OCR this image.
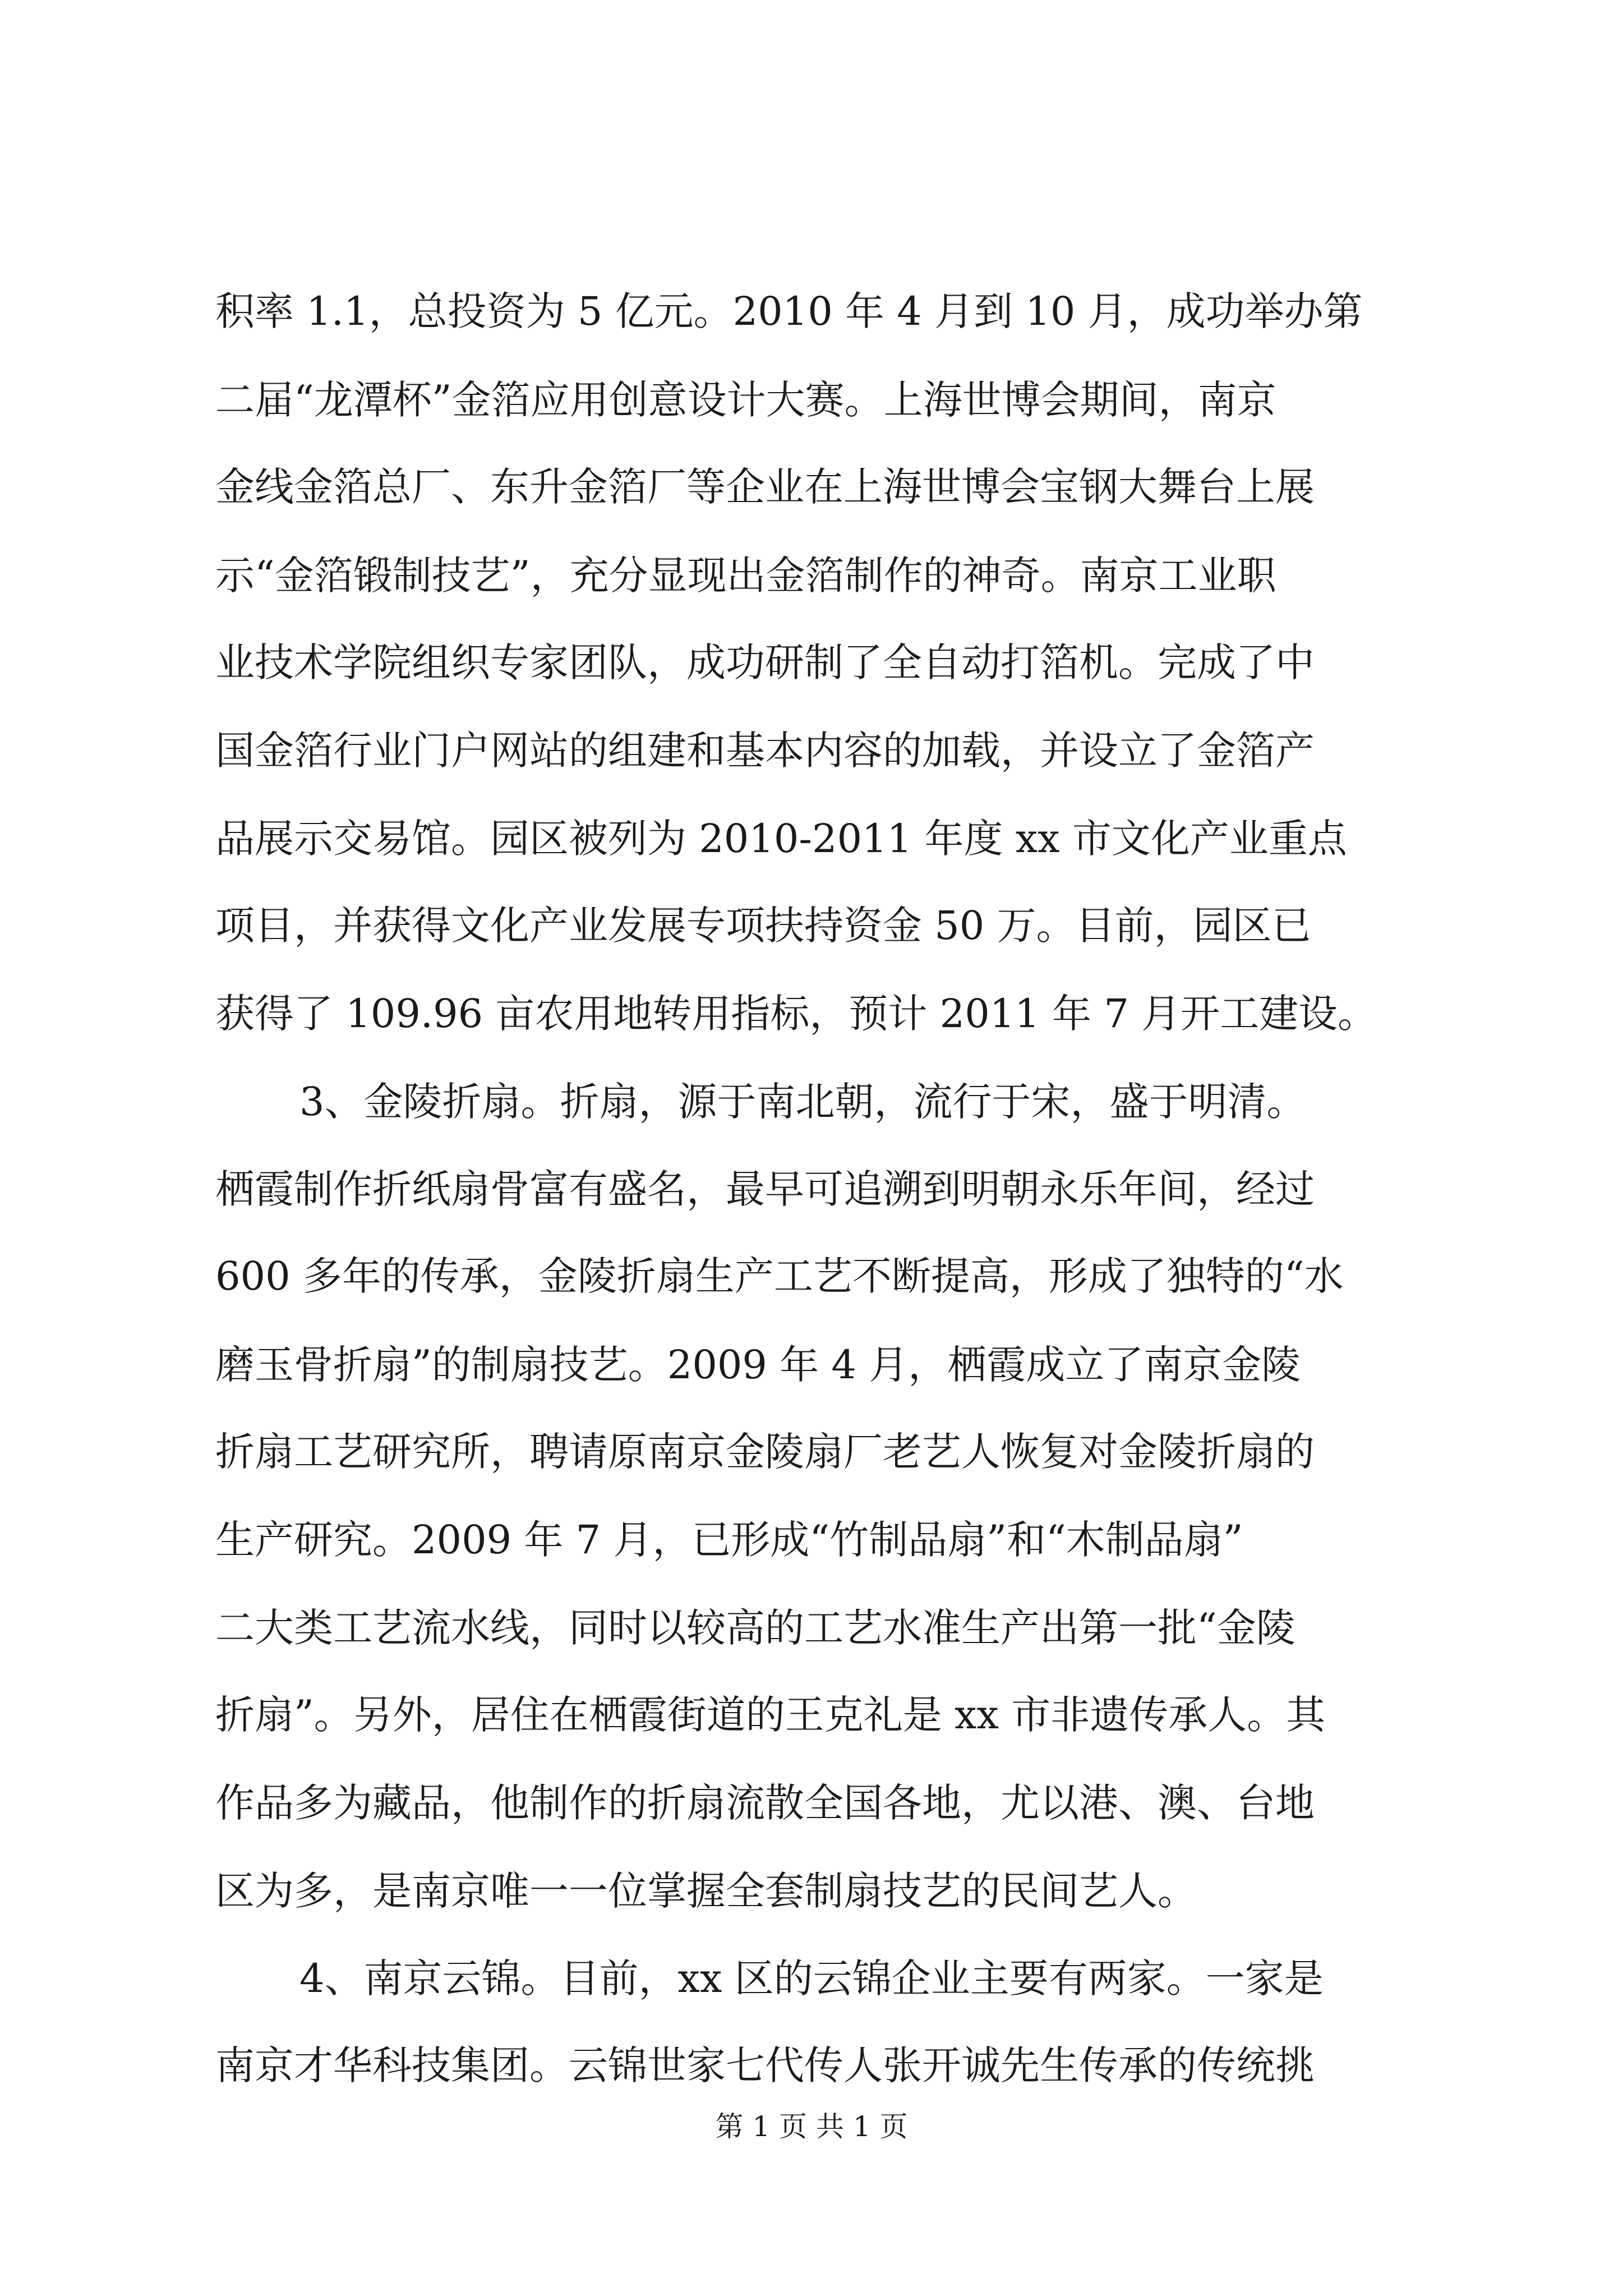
积率 1.1，总投资为 5 亿元。2010 年 4 月到 10 月，成功举办第
二届“龙潭杯”金箔应用创意设计大赛。上海世博会期间，南京
金线金箔总厂、东升金箔厂等企业在上海世博会宝钢大舞台上展
示“金箔锻制技艺”，充分显现出金箔制作的神奇。南京工业职
业技术学院组织专家团队，成功研制了全自动打箔机。完成了中
国金箔行业门户网站的组建和基本内容的加载，并设立了金箔产
品展示交易馆。园区被列为 2010-2011 年度 xx 市文化产业重点
项目，并获得文化产业发展专项扶持资金 50 万。目前，园区已
获得了 109.96 亩农用地转用指标，预计 2011 年 7 月开工建设。
3、金陵折扇。折扇，源于南北朝，流行于宋，盛于明清。
栖霞制作折纸扇骨富有盛名，最早可追溯到明朝永乐年间，经过
600 多年的传承，金陵折扇生产工艺不断提高，形成了独特的“水
磨玉骨折扇”的制扇技艺。2009 年 4 月，栖霞成立了南京金陵
折扇工艺研究所，聘请原南京金陵扇厂老艺人恢复对金陵折扇的
生产研究。2009 年 7 月，已形成“竹制品扇”和“木制品扇”
二大类工艺流水线，同时以较高的工艺水准生产出第一批“金陵
折扇”。另外，居住在栖霞街道的王克礼是 xx 市非遗传承人。其
作品多为藏品，他制作的折扇流散全国各地，尤以港、澳、台地
区为多，是南京唯一一位掌握全套制扇技艺的民间艺人。
4、南京云锦。目前，xx 区的云锦企业主要有两家。一家是
南京才华科技集团。云锦世家七代传人张开诚先生传承的传统挑
第 1 页 共 1 页
